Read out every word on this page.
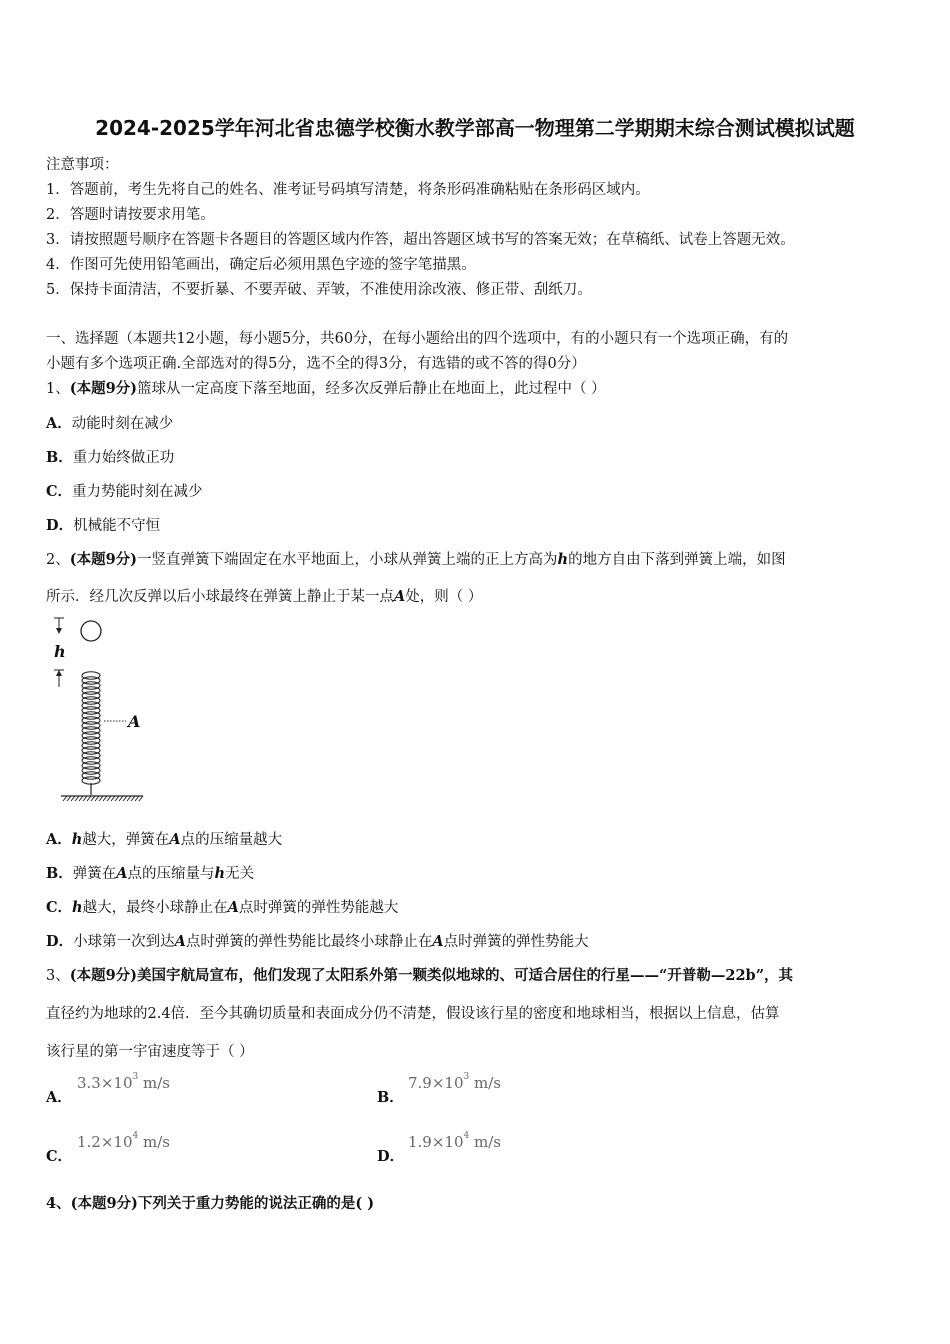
2024-2025学年河北省忠德学校衡水教学部高一物理第二学期期末综合测试模拟试题
注意事项：
1．答题前，考生先将自己的姓名、准考证号码填写清楚，将条形码准确粘贴在条形码区域内。
2．答题时请按要求用笔。
3．请按照题号顺序在答题卡各题目的答题区域内作答，超出答题区域书写的答案无效；在草稿纸、试卷上答题无效。
4．作图可先使用铅笔画出，确定后必须用黑色字迹的签字笔描黑。
5．保持卡面清洁，不要折暴、不要弄破、弄皱，不准使用涂改液、修正带、刮纸刀。
一、选择题（本题共12小题，每小题5分，共60分，在每小题给出的四个选项中，有的小题只有一个选项正确，有的
小题有多个选项正确.全部选对的得5分，选不全的得3分，有选错的或不答的得0分）
1、(本题9分)篮球从一定高度下落至地面，经多次反弹后静止在地面上，此过程中（ ）
A．动能时刻在减少
B．重力始终做正功
C．重力势能时刻在减少
D．机械能不守恒
2、(本题9分)一竖直弹簧下端固定在水平地面上，小球从弹簧上端的正上方高为h的地方自由下落到弹簧上端，如图
所示．经几次反弹以后小球最终在弹簧上静止于某一点A处，则（ ）
h
A
A．h越大，弹簧在A点的压缩量越大
B．弹簧在A点的压缩量与h无关
C．h越大，最终小球静止在A点时弹簧的弹性势能越大
D．小球第一次到达A点时弹簧的弹性势能比最终小球静止在A点时弹簧的弹性势能大
3、(本题9分)美国宇航局宣布，他们发现了太阳系外第一颗类似地球的、可适合居住的行星——“开普勒—22b”，其
直径约为地球的2.4倍．至今其确切质量和表面成分仍不清楚，假设该行星的密度和地球相当，根据以上信息，估算
该行星的第一宇宙速度等于（ ）
A．
$3.3\times 10^3$ m/s
B．
$7.9\times 10^3$ m/s
C．
$1.2\times 10^4$ m/s
D．
$1.9\times 10^4$ m/s
4、(本题9分)下列关于重力势能的说法正确的是( )
